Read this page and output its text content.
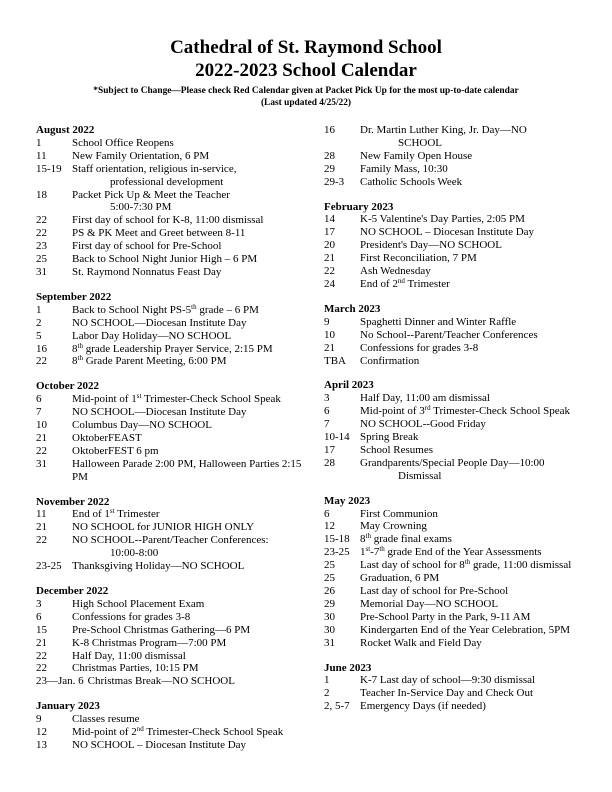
Cathedral of St. Raymond School
2022-2023 School Calendar
*Subject to Change—Please check Red Calendar given at Packet Pick Up for the most up-to-date calendar
(Last updated 4/25/22)
August 2022
1	School Office Reopens
11	New Family Orientation, 6 PM
15-19 Staff orientation, religious in-service,
professional development
18	Packet Pick Up & Meet the Teacher
5:00-7:30 PM
22	First day of school for K-8, 11:00 dismissal
22	PS & PK Meet and Greet between 8-11
23	First day of school for Pre-School
25	Back to School Night Junior High – 6 PM
31	St. Raymond Nonnatus Feast Day
September 2022
1	Back to School Night PS-5th grade – 6 PM
2	NO SCHOOL—Diocesan Institute Day
5	Labor Day Holiday—NO SCHOOL
16	8th grade Leadership Prayer Service, 2:15 PM
22	8th Grade Parent Meeting, 6:00 PM
October 2022
6	Mid-point of 1st Trimester-Check School Speak
7	NO SCHOOL—Diocesan Institute Day
10	Columbus Day—NO SCHOOL
21	OktoberFEAST
22	OktoberFEST 6 pm
31	Halloween Parade 2:00 PM, Halloween Parties 2:15 PM
November 2022
11	End of 1st Trimester
21	NO SCHOOL for JUNIOR HIGH ONLY
22	NO SCHOOL--Parent/Teacher Conferences:
10:00-8:00
23-25 Thanksgiving Holiday—NO SCHOOL
December 2022
3	High School Placement Exam
6	Confessions for grades 3-8
15	Pre-School Christmas Gathering—6 PM
21	K-8 Christmas Program—7:00 PM
22	Half Day, 11:00 dismissal
22	Christmas Parties, 10:15 PM
23—Jan. 6 Christmas Break—NO SCHOOL
January 2023
9	Classes resume
12	Mid-point of 2nd Trimester-Check School Speak
13	NO SCHOOL – Diocesan Institute Day
16	Dr. Martin Luther King, Jr. Day—NO
SCHOOL
28	New Family Open House
29	Family Mass, 10:30
29-3	Catholic Schools Week
February 2023
14	K-5 Valentine's Day Parties, 2:05 PM
17	NO SCHOOL – Diocesan Institute Day
20	President's Day—NO SCHOOL
21	First Reconciliation, 7 PM
22	Ash Wednesday
24	End of 2nd Trimester
March 2023
9	Spaghetti Dinner and Winter Raffle
10	No School--Parent/Teacher Conferences
21	Confessions for grades 3-8
TBA	Confirmation
April 2023
3	Half Day, 11:00 am dismissal
6	Mid-point of 3rd Trimester-Check School Speak
7	NO SCHOOL--Good Friday
10-14 Spring Break
17	School Resumes
28	Grandparents/Special People Day—10:00
Dismissal
May 2023
6	First Communion
12	May Crowning
15-18 8th grade final exams
23-25 1st-7th grade End of the Year Assessments
25	Last day of school for 8th grade, 11:00 dismissal
25	Graduation, 6 PM
26	Last day of school for Pre-School
29	Memorial Day—NO SCHOOL
30	Pre-School Party in the Park, 9-11 AM
30	Kindergarten End of the Year Celebration, 5PM
31	Rocket Walk and Field Day
June 2023
1	K-7 Last day of school—9:30 dismissal
2	Teacher In-Service Day and Check Out
2, 5-7 Emergency Days (if needed)
